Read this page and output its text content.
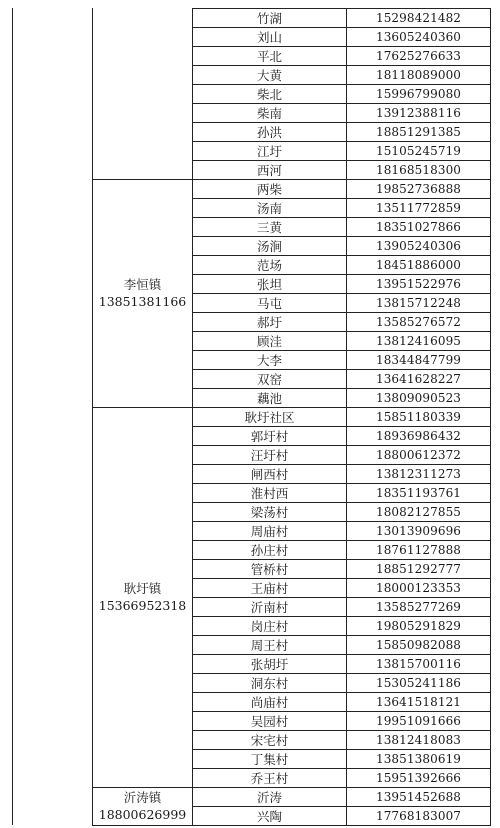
竹湖	15298421482
刘山	13605240360
平北	17625276633
大黄	18118089000
柴北	15996799080
柴南	13912388116
孙洪	18851291385
江圩	15105245719
西河	18168518300
李恒镇
13851381166
两柴	19852736888
汤南	13511772859
三黄	18351027866
汤涧	13905240306
范场	18451886000
张坦	13951522976
马屯	13815712248
郝圩	13585276572
顾洼	13812416095
大李	18344847799
双窑	13641628227
藕池	13809090523
耿圩镇
15366952318
耿圩社区	15851180339
郭圩村	18936986432
汪圩村	18800612372
闸西村	13812311273
淮村西	18351193761
梁荡村	18082127855
周庙村	13013909696
孙庄村	18761127888
管桥村	18851292777
王庙村	18000123353
沂南村	13585277269
岗庄村	19805291829
周王村	15850982088
张胡圩	13815700116
洞东村	15305241186
尚庙村	13641518121
吴园村	19951091666
宋宅村	13812418083
丁集村	13851380619
乔王村	15951392666
沂涛镇
18800626999
沂涛	13951452688
兴陶	17768183007
